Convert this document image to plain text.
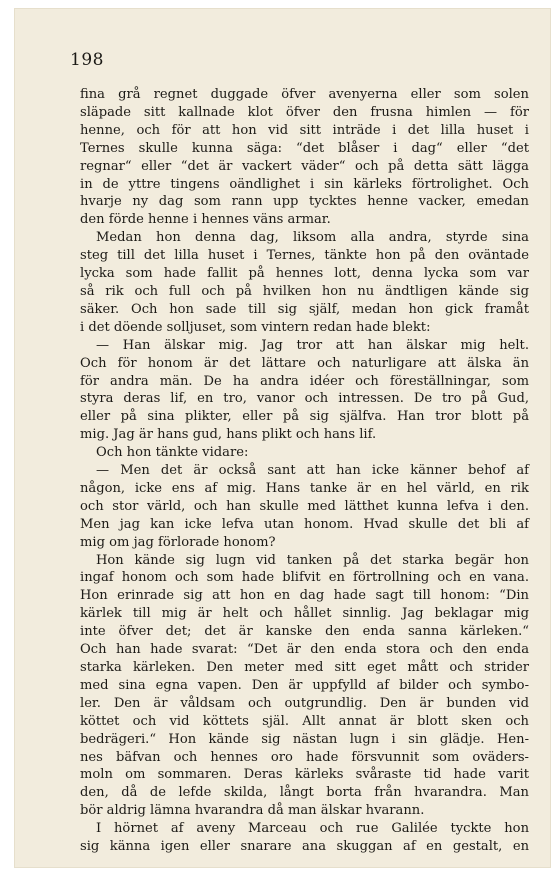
198
fina grå regnet duggade öfver avenyerna eller som solen
släpade sitt kallnade klot öfver den frusna himlen — för
henne, och för att hon vid sitt inträde i det lilla huset i
Ternes skulle kunna säga: “det blåser i dag“ eller “det
regnar“ eller “det är vackert väder“ och på detta sätt lägga
in de yttre tingens oändlighet i sin kärleks förtrolighet. Och
hvarje ny dag som rann upp tycktes henne vacker, emedan
den förde henne i hennes väns armar.
Medan hon denna dag, liksom alla andra, styrde sina
steg till det lilla huset i Ternes, tänkte hon på den oväntade
lycka som hade fallit på hennes lott, denna lycka som var
så rik och full och på hvilken hon nu ändtligen kände sig
säker. Och hon sade till sig själf, medan hon gick framåt
i det döende solljuset, som vintern redan hade blekt:
— Han älskar mig. Jag tror att han älskar mig helt.
Och för honom är det lättare och naturligare att älska än
för andra män. De ha andra idéer och föreställningar, som
styra deras lif, en tro, vanor och intressen. De tro på Gud,
eller på sina plikter, eller på sig själfva. Han tror blott på
mig. Jag är hans gud, hans plikt och hans lif.
Och hon tänkte vidare:
— Men det är också sant att han icke känner behof af
någon, icke ens af mig. Hans tanke är en hel värld, en rik
och stor värld, och han skulle med lätthet kunna lefva i den.
Men jag kan icke lefva utan honom. Hvad skulle det bli af
mig om jag förlorade honom?
Hon kände sig lugn vid tanken på det starka begär hon
ingaf honom och som hade blifvit en förtrollning och en vana.
Hon erinrade sig att hon en dag hade sagt till honom: “Din
kärlek till mig är helt och hållet sinnlig. Jag beklagar mig
inte öfver det; det är kanske den enda sanna kärleken.“
Och han hade svarat: “Det är den enda stora och den enda
starka kärleken. Den meter med sitt eget mått och strider
med sina egna vapen. Den är uppfylld af bilder och symbo-
ler. Den är våldsam och outgrundlig. Den är bunden vid
köttet och vid köttets själ. Allt annat är blott sken och
bedrägeri.“ Hon kände sig nästan lugn i sin glädje. Hen-
nes bäfvan och hennes oro hade försvunnit som oväders-
moln om sommaren. Deras kärleks svåraste tid hade varit
den, då de lefde skilda, långt borta från hvarandra. Man
bör aldrig lämna hvarandra då man älskar hvarann.
I hörnet af aveny Marceau och rue Galilée tyckte hon
sig känna igen eller snarare ana skuggan af en gestalt, en
